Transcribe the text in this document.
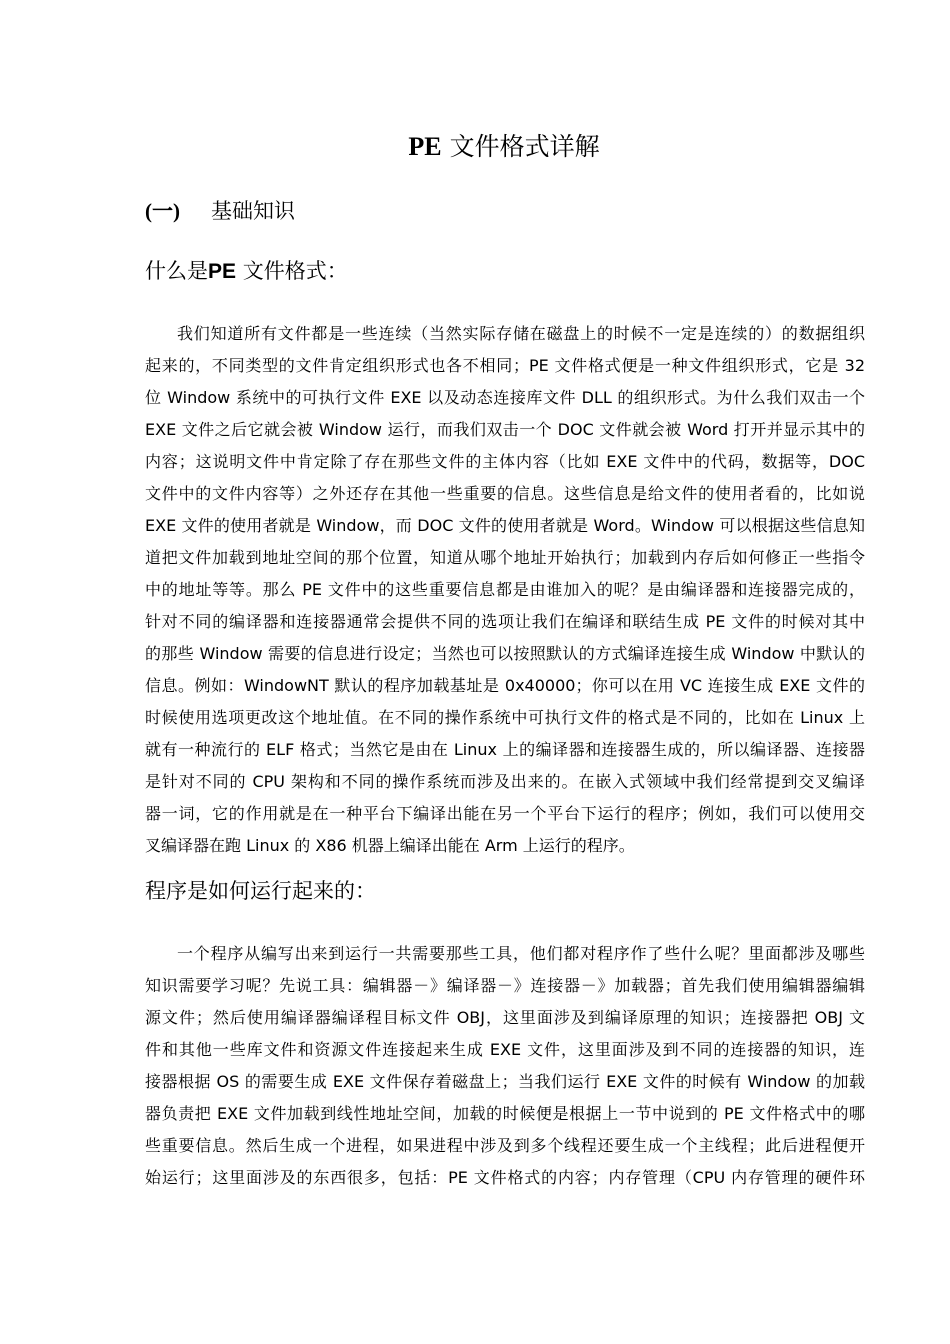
PE 文件格式详解
(一) 基础知识
什么是PE 文件格式：
我们知道所有文件都是一些连续（当然实际存储在磁盘上的时候不一定是连续的）的数据组织
起来的，不同类型的文件肯定组织形式也各不相同；PE 文件格式便是一种文件组织形式，它是 32
位 Window 系统中的可执行文件 EXE 以及动态连接库文件 DLL 的组织形式。为什么我们双击一个
EXE 文件之后它就会被 Window 运行，而我们双击一个 DOC 文件就会被 Word 打开并显示其中的
内容；这说明文件中肯定除了存在那些文件的主体内容（比如 EXE 文件中的代码，数据等，DOC
文件中的文件内容等）之外还存在其他一些重要的信息。这些信息是给文件的使用者看的，比如说
EXE 文件的使用者就是 Window，而 DOC 文件的使用者就是 Word。Window 可以根据这些信息知
道把文件加载到地址空间的那个位置，知道从哪个地址开始执行；加载到内存后如何修正一些指令
中的地址等等。那么 PE 文件中的这些重要信息都是由谁加入的呢？是由编译器和连接器完成的，
针对不同的编译器和连接器通常会提供不同的选项让我们在编译和联结生成 PE 文件的时候对其中
的那些 Window 需要的信息进行设定；当然也可以按照默认的方式编译连接生成 Window 中默认的
信息。例如：WindowNT 默认的程序加载基址是 0x40000；你可以在用 VC 连接生成 EXE 文件的
时候使用选项更改这个地址值。在不同的操作系统中可执行文件的格式是不同的，比如在 Linux 上
就有一种流行的 ELF 格式；当然它是由在 Linux 上的编译器和连接器生成的，所以编译器、连接器
是针对不同的 CPU 架构和不同的操作系统而涉及出来的。在嵌入式领域中我们经常提到交叉编译
器一词，它的作用就是在一种平台下编译出能在另一个平台下运行的程序；例如，我们可以使用交
叉编译器在跑 Linux 的 X86 机器上编译出能在 Arm 上运行的程序。
程序是如何运行起来的：
一个程序从编写出来到运行一共需要那些工具，他们都对程序作了些什么呢？里面都涉及哪些
知识需要学习呢？先说工具：编辑器－》编译器－》连接器－》加载器；首先我们使用编辑器编辑
源文件；然后使用编译器编译程目标文件 OBJ，这里面涉及到编译原理的知识；连接器把 OBJ 文
件和其他一些库文件和资源文件连接起来生成 EXE 文件，这里面涉及到不同的连接器的知识，连
接器根据 OS 的需要生成 EXE 文件保存着磁盘上；当我们运行 EXE 文件的时候有 Window 的加载
器负责把 EXE 文件加载到线性地址空间，加载的时候便是根据上一节中说到的 PE 文件格式中的哪
些重要信息。然后生成一个进程，如果进程中涉及到多个线程还要生成一个主线程；此后进程便开
始运行；这里面涉及的东西很多，包括：PE 文件格式的内容；内存管理（CPU 内存管理的硬件环
